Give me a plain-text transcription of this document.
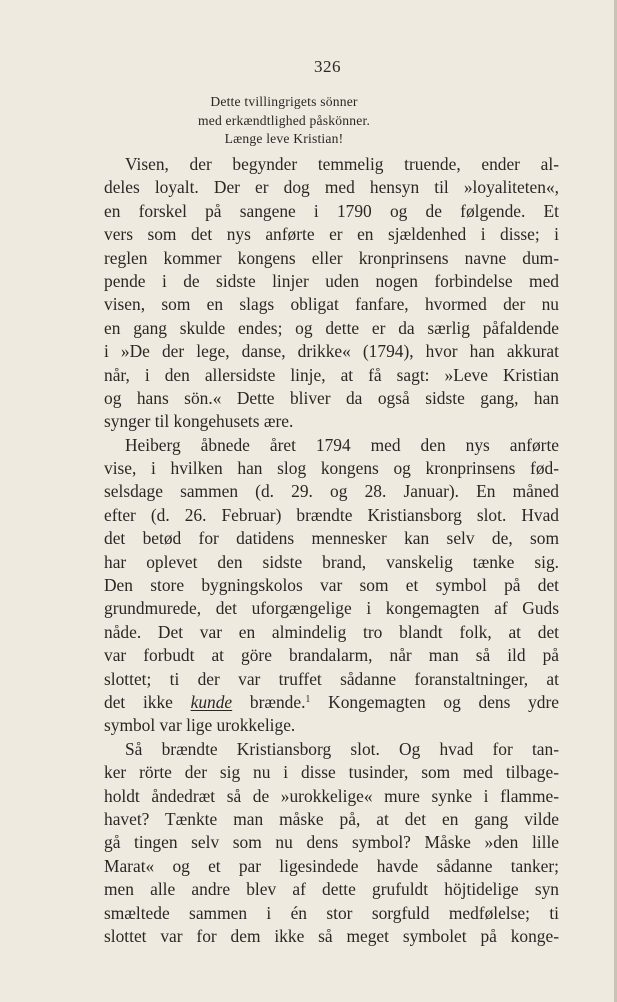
326
Dette tvillingrigets sönner
med erkændtlighed påskönner.
Længe leve Kristian!
Visen, der begynder temmelig truende, ender al-
deles loyalt. Der er dog med hensyn til »loyaliteten«,
en forskel på sangene i 1790 og de følgende. Et
vers som det nys anførte er en sjældenhed i disse; i
reglen kommer kongens eller kronprinsens navne dum-
pende i de sidste linjer uden nogen forbindelse med
visen, som en slags obligat fanfare, hvormed der nu
en gang skulde endes; og dette er da særlig påfaldende
i »De der lege, danse, drikke« (1794), hvor han akkurat
når, i den allersidste linje, at få sagt: »Leve Kristian
og hans sön.« Dette bliver da også sidste gang, han
synger til kongehusets ære.
Heiberg åbnede året 1794 med den nys anførte
vise, i hvilken han slog kongens og kronprinsens fød-
selsdage sammen (d. 29. og 28. Januar). En måned
efter (d. 26. Februar) brændte Kristiansborg slot. Hvad
det betød for datidens mennesker kan selv de, som
har oplevet den sidste brand, vanskelig tænke sig.
Den store bygningskolos var som et symbol på det
grundmurede, det uforgængelige i kongemagten af Guds
nåde. Det var en almindelig tro blandt folk, at det
var forbudt at göre brandalarm, når man så ild på
slottet; ti der var truffet sådanne foranstaltninger, at
det ikke kunde brænde.$^1$ Kongemagten og dens ydre
symbol var lige urokkelige.
Så brændte Kristiansborg slot. Og hvad for tan-
ker rörte der sig nu i disse tusinder, som med tilbage-
holdt åndedræt så de »urokkelige« mure synke i flamme-
havet? Tænkte man måske på, at det en gang vilde
gå tingen selv som nu dens symbol? Måske »den lille
Marat« og et par ligesindede havde sådanne tanker;
men alle andre blev af dette grufuldt höjtidelige syn
smæltede sammen i én stor sorgfuld medfølelse; ti
slottet var for dem ikke så meget symbolet på konge-
